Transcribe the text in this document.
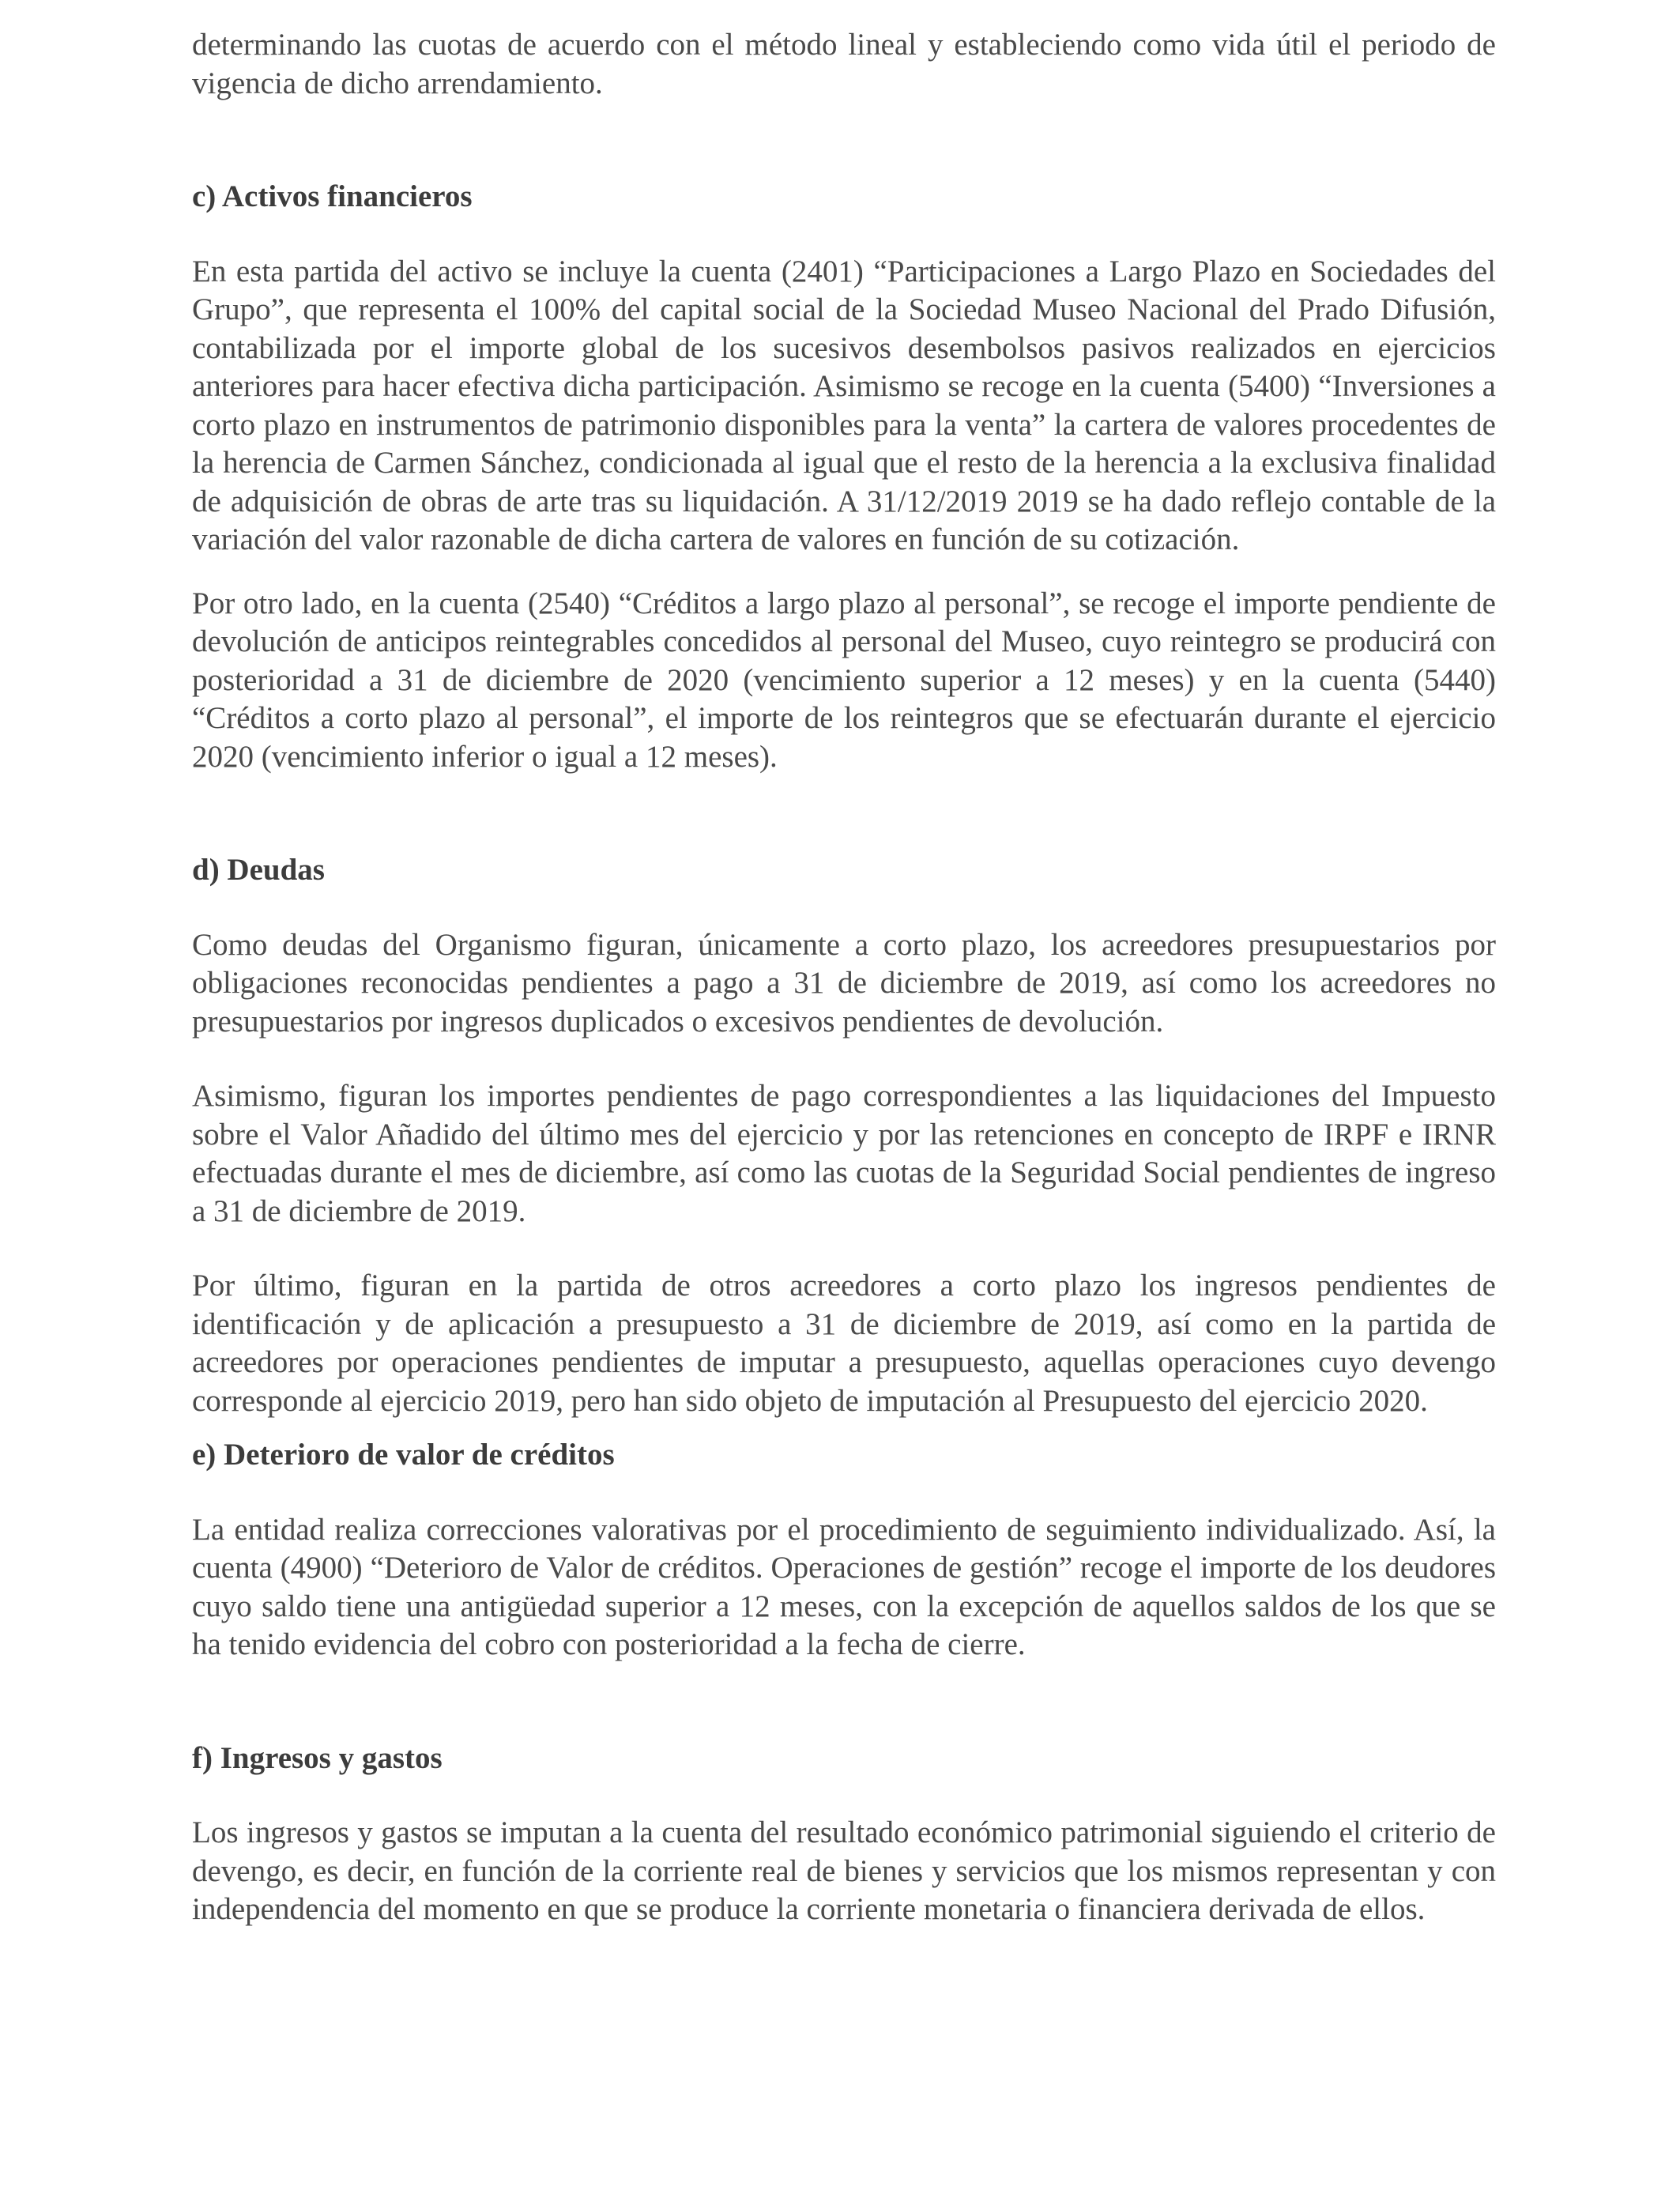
determinando las cuotas de acuerdo con el método lineal y estableciendo como vida útil el periodo de vigencia de dicho arrendamiento.

c) Activos financieros

En esta partida del activo se incluye la cuenta (2401) “Participaciones a Largo Plazo en Sociedades del Grupo”, que representa el 100% del capital social de la Sociedad Museo Nacional del Prado Difusión, contabilizada por el importe global de los sucesivos desembolsos pasivos realizados en ejercicios anteriores para hacer efectiva dicha participación. Asimismo se recoge en la cuenta (5400) “Inversiones a corto plazo en instrumentos de patrimonio disponibles para la venta” la cartera de valores procedentes de la herencia de Carmen Sánchez, condicionada al igual que el resto de la herencia a la exclusiva finalidad de adquisición de obras de arte tras su liquidación. A 31/12/2019 2019 se ha dado reflejo contable de la variación del valor razonable de dicha cartera de valores en función de su cotización.

Por otro lado, en la cuenta (2540) “Créditos a largo plazo al personal”, se recoge el importe pendiente de devolución de anticipos reintegrables concedidos al personal del Museo, cuyo reintegro se producirá con posterioridad a 31 de diciembre de 2020 (vencimiento superior a 12 meses) y en la cuenta (5440) “Créditos a corto plazo al personal”, el importe de los reintegros que se efectuarán durante el ejercicio 2020 (vencimiento inferior o igual a 12 meses).

d) Deudas

Como deudas del Organismo figuran, únicamente a corto plazo, los acreedores presupuestarios por obligaciones reconocidas pendientes a pago a 31 de diciembre de 2019, así como los acreedores no presupuestarios por ingresos duplicados o excesivos pendientes de devolución.

Asimismo, figuran los importes pendientes de pago correspondientes a las liquidaciones del Impuesto sobre el Valor Añadido del último mes del ejercicio y por las retenciones en concepto de IRPF e IRNR efectuadas durante el mes de diciembre, así como las cuotas de la Seguridad Social pendientes de ingreso a 31 de diciembre de 2019.

Por último, figuran en la partida de otros acreedores a corto plazo los ingresos pendientes de identificación y de aplicación a presupuesto a 31 de diciembre de 2019, así como en la partida de acreedores por operaciones pendientes de imputar a presupuesto, aquellas operaciones cuyo devengo corresponde al ejercicio 2019, pero han sido objeto de imputación al Presupuesto del ejercicio 2020.

e) Deterioro de valor de créditos

La entidad realiza correcciones valorativas por el procedimiento de seguimiento individualizado. Así, la cuenta (4900) “Deterioro de Valor de créditos. Operaciones de gestión” recoge el importe de los deudores cuyo saldo tiene una antigüedad superior a 12 meses, con la excepción de aquellos saldos de los que se ha tenido evidencia del cobro con posterioridad a la fecha de cierre.

f) Ingresos y gastos

Los ingresos y gastos se imputan a la cuenta del resultado económico patrimonial siguiendo el criterio de devengo, es decir, en función de la corriente real de bienes y servicios que los mismos representan y con independencia del momento en que se produce la corriente monetaria o financiera derivada de ellos.
